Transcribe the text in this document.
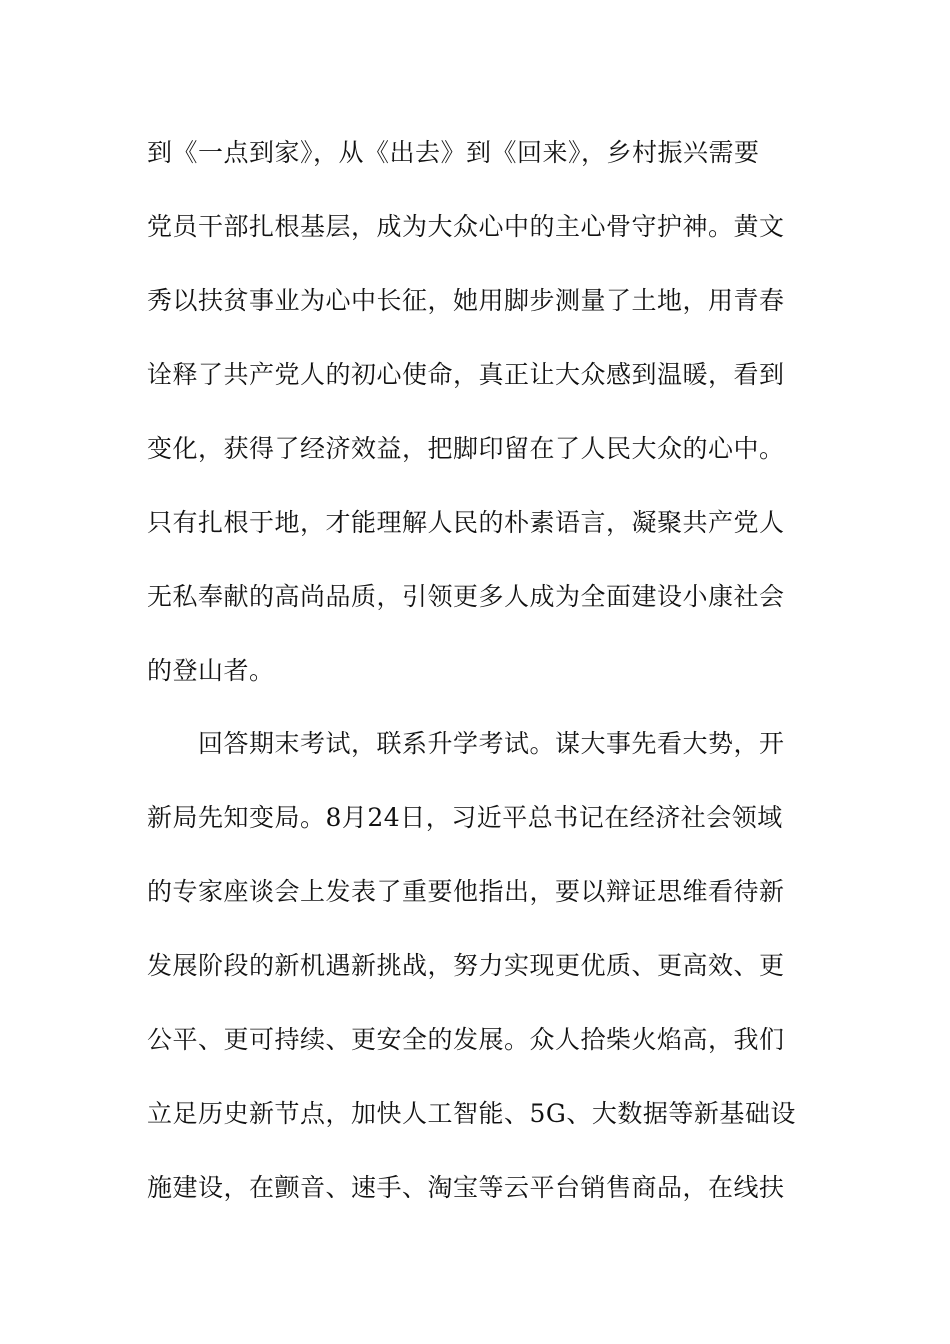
到《一点到家》，从《出去》到《回来》，乡村振兴需要
党员干部扎根基层，成为大众心中的主心骨守护神。黄文
秀以扶贫事业为心中长征，她用脚步测量了土地，用青春
诠释了共产党人的初心使命，真正让大众感到温暖，看到
变化，获得了经济效益，把脚印留在了人民大众的心中。
只有扎根于地，才能理解人民的朴素语言，凝聚共产党人
无私奉献的高尚品质，引领更多人成为全面建设小康社会
的登山者。
　　回答期末考试，联系升学考试。谋大事先看大势，开
新局先知变局。8月24日，习近平总书记在经济社会领域
的专家座谈会上发表了重要他指出，要以辩证思维看待新
发展阶段的新机遇新挑战，努力实现更优质、更高效、更
公平、更可持续、更安全的发展。众人拾柴火焰高，我们
立足历史新节点，加快人工智能、5G、大数据等新基础设
施建设，在颤音、速手、淘宝等云平台销售商品，在线扶
